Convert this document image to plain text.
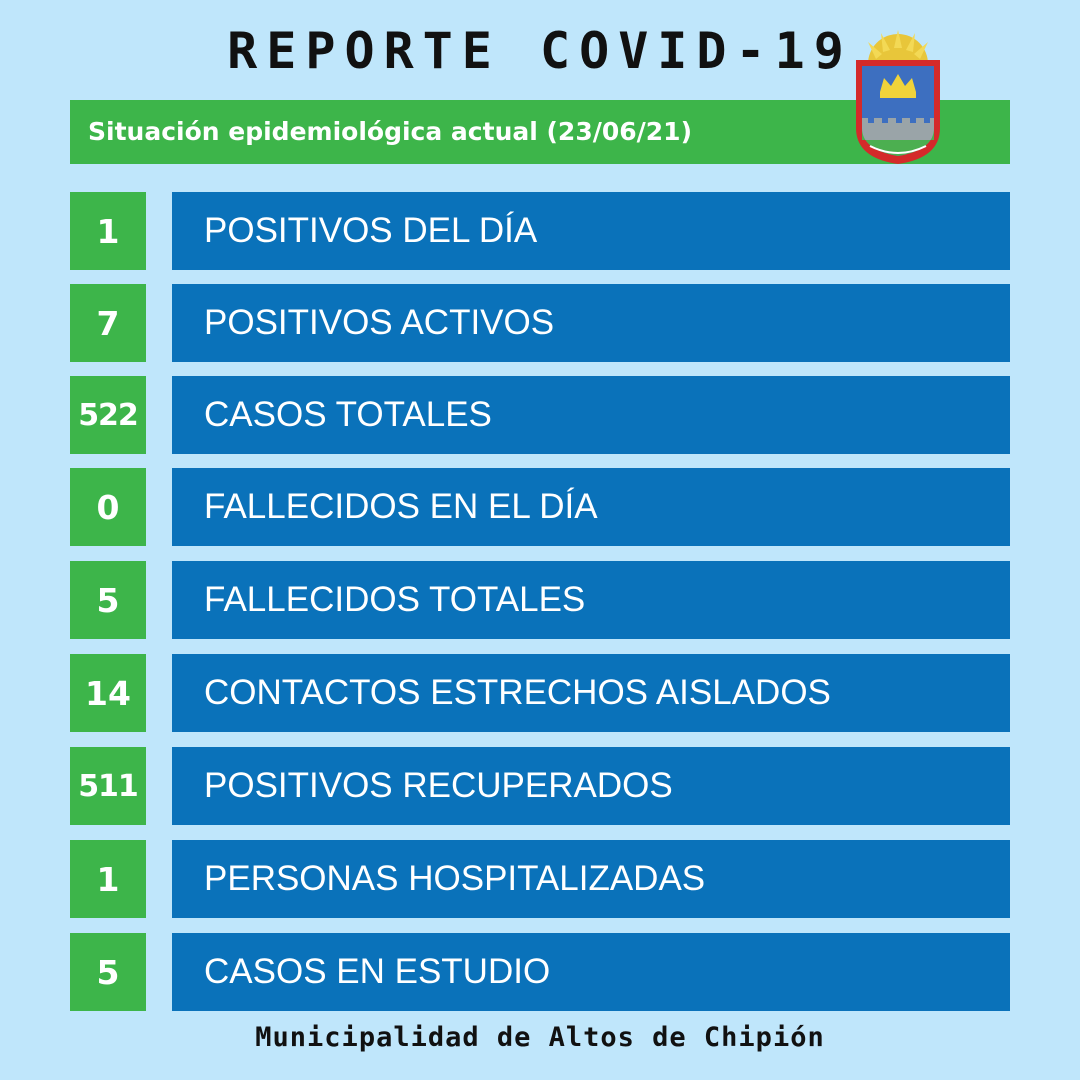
REPORTE COVID-19
Situación epidemiológica actual (23/06/21)
1	POSITIVOS DEL DÍA
7	POSITIVOS ACTIVOS
522	CASOS TOTALES
0	FALLECIDOS EN EL DÍA
5	FALLECIDOS TOTALES
14	CONTACTOS ESTRECHOS AISLADOS
511	POSITIVOS RECUPERADOS
1	PERSONAS HOSPITALIZADAS
5	CASOS EN ESTUDIO
Municipalidad de Altos de Chipión
